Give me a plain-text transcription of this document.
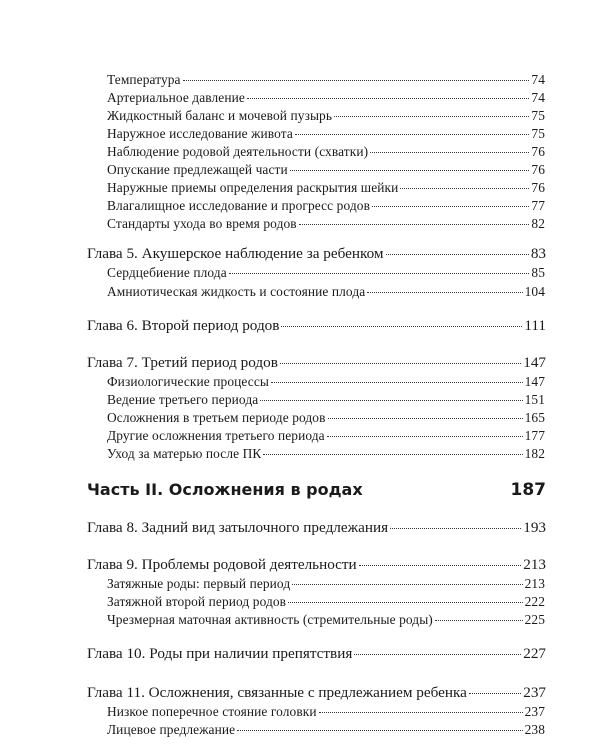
Температура	74
Артериальное давление	74
Жидкостный баланс и мочевой пузырь	75
Наружное исследование живота	75
Наблюдение родовой деятельности (схватки)	76
Опускание предлежащей части	76
Наружные приемы определения раскрытия шейки	76
Влагалищное исследование и прогресс родов	77
Стандарты ухода во время родов	82
Глава 5. Акушерское наблюдение за ребенком	83
Сердцебиение плода	85
Амниотическая жидкость и состояние плода	104
Глава 6. Второй период родов	111
Глава 7. Третий период родов	147
Физиологические процессы	147
Ведение третьего периода	151
Осложнения в третьем периоде родов	165
Другие осложнения третьего периода	177
Уход за матерью после ПК	182
Часть II. Осложнения в родах	187
Глава 8. Задний вид затылочного предлежания	193
Глава 9. Проблемы родовой деятельности	213
Затяжные роды: первый период	213
Затяжной второй период родов	222
Чрезмерная маточная активность (стремительные роды)	225
Глава 10. Роды при наличии препятствия	227
Глава 11. Осложнения, связанные с предлежанием ребенка	237
Низкое поперечное стояние головки	237
Лицевое предлежание	238
